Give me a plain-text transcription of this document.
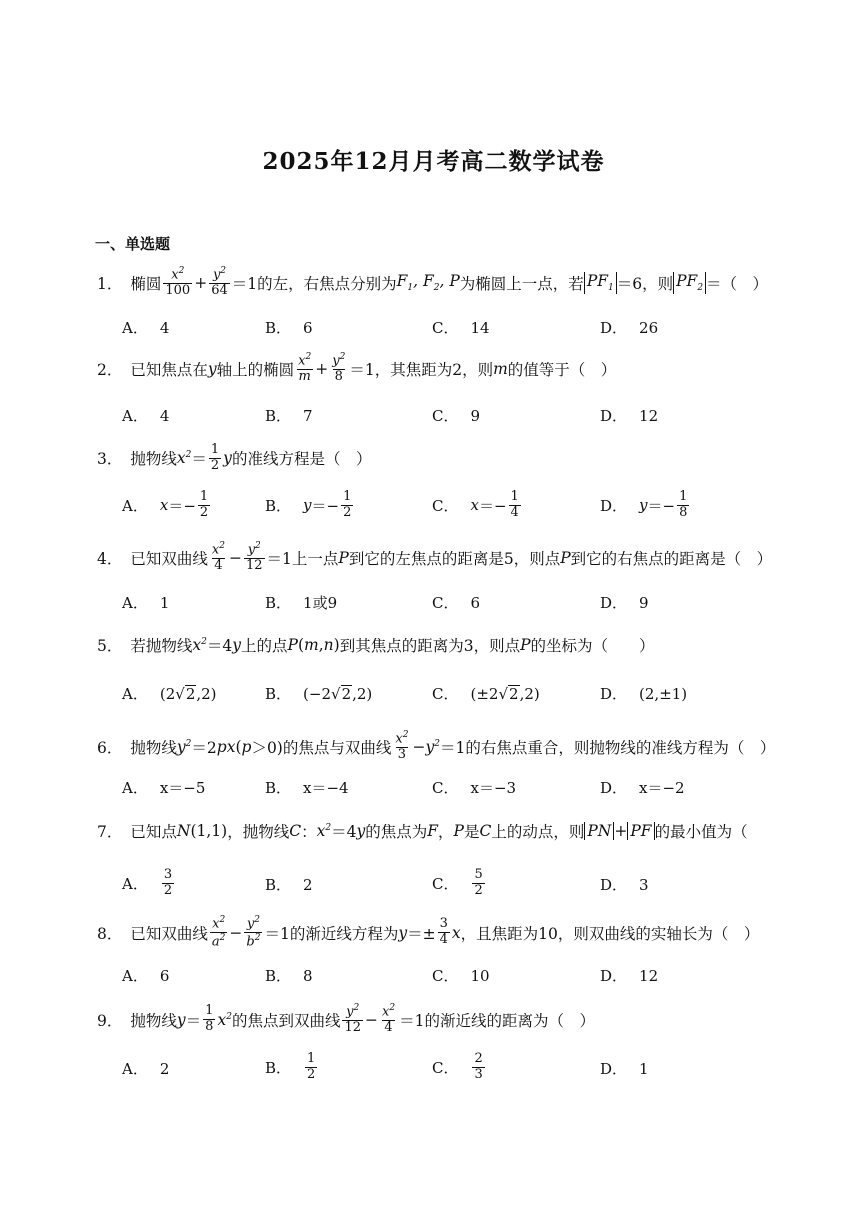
2025年12月月考高二数学试卷
一、单选题
1． 椭圆 $\frac{x^2}{100} + \frac{y^2}{64} =1$ 的左，右焦点分别为 $F_1$, $F_2$, P 为椭圆上一点，若 $PF_1 =6$ ，则 $PF_2$ ＝（　）
A． 4	B． 6	C． 14	D． 26
2． 已知焦点在 y 轴上的椭圆 $\frac{x^2}{m} + \frac{y^2}{8} =1$ ，其焦距为2，则 m 的值等于（　）
A． 4	B． 7	C． 9	D． 12
3． 抛物线 $x^2 = \frac{1}{2}$ y 的准线方程是（　）
A． $x =- \frac{1}{2}$	B． $y =- \frac{1}{2}$	C． $x =- \frac{1}{4}$	D． $y =- \frac{1}{8}$
4． 已知双曲线 $\frac{x^2}{4} - \frac{y^2}{12} =1$ 上一点 P 到它的左焦点的距离是5，则点 P 到它的右焦点的距离是（　）
A． 1	B． 1或9	C． 6	D． 9
5． 若抛物线 $x^2 =4$ y 上的点 P ( m , n ) 到其焦点的距离为3，则点 P 的坐标为（　　）
A． (2√ 2 ,2)	B． (−2√ 2 ,2)	C． (±2√ 2 ,2)	D． (2,±1)
6． 抛物线 $y^2 =2$ px ( p ＞0) 的焦点与双曲线 $\frac{x^2}{3} - y^2 =1$ 的右焦点重合，则抛物线的准线方程为（　）
A． x＝−5	B． x＝−4	C． x＝−3	D． x＝−2
7． 已知点 N (1,1) ，抛物线 C ： $x^2 =4$ y 的焦点为 F ， P 是 C 上的动点，则 PN + PF 的最小值为（
A． $\frac{3}{2}$	B． 2	C． $\frac{5}{2}$	D． 3
8． 已知双曲线 $\frac{x^2}{a^2} - \frac{y^2}{b^2} =1$ 的渐近线方程为 $y =\pm \frac{3}{4}$ x ，且焦距为10，则双曲线的实轴长为（　）
A． 6	B． 8	C． 10	D． 12
9． 抛物线 $y = \frac{1}{8} x^2$ 的焦点到双曲线 $\frac{y^2}{12} - \frac{x^2}{4} =1$ 的渐近线的距离为（　）
A． 2	B． $\frac{1}{2}$	C． $\frac{2}{3}$	D． 1
